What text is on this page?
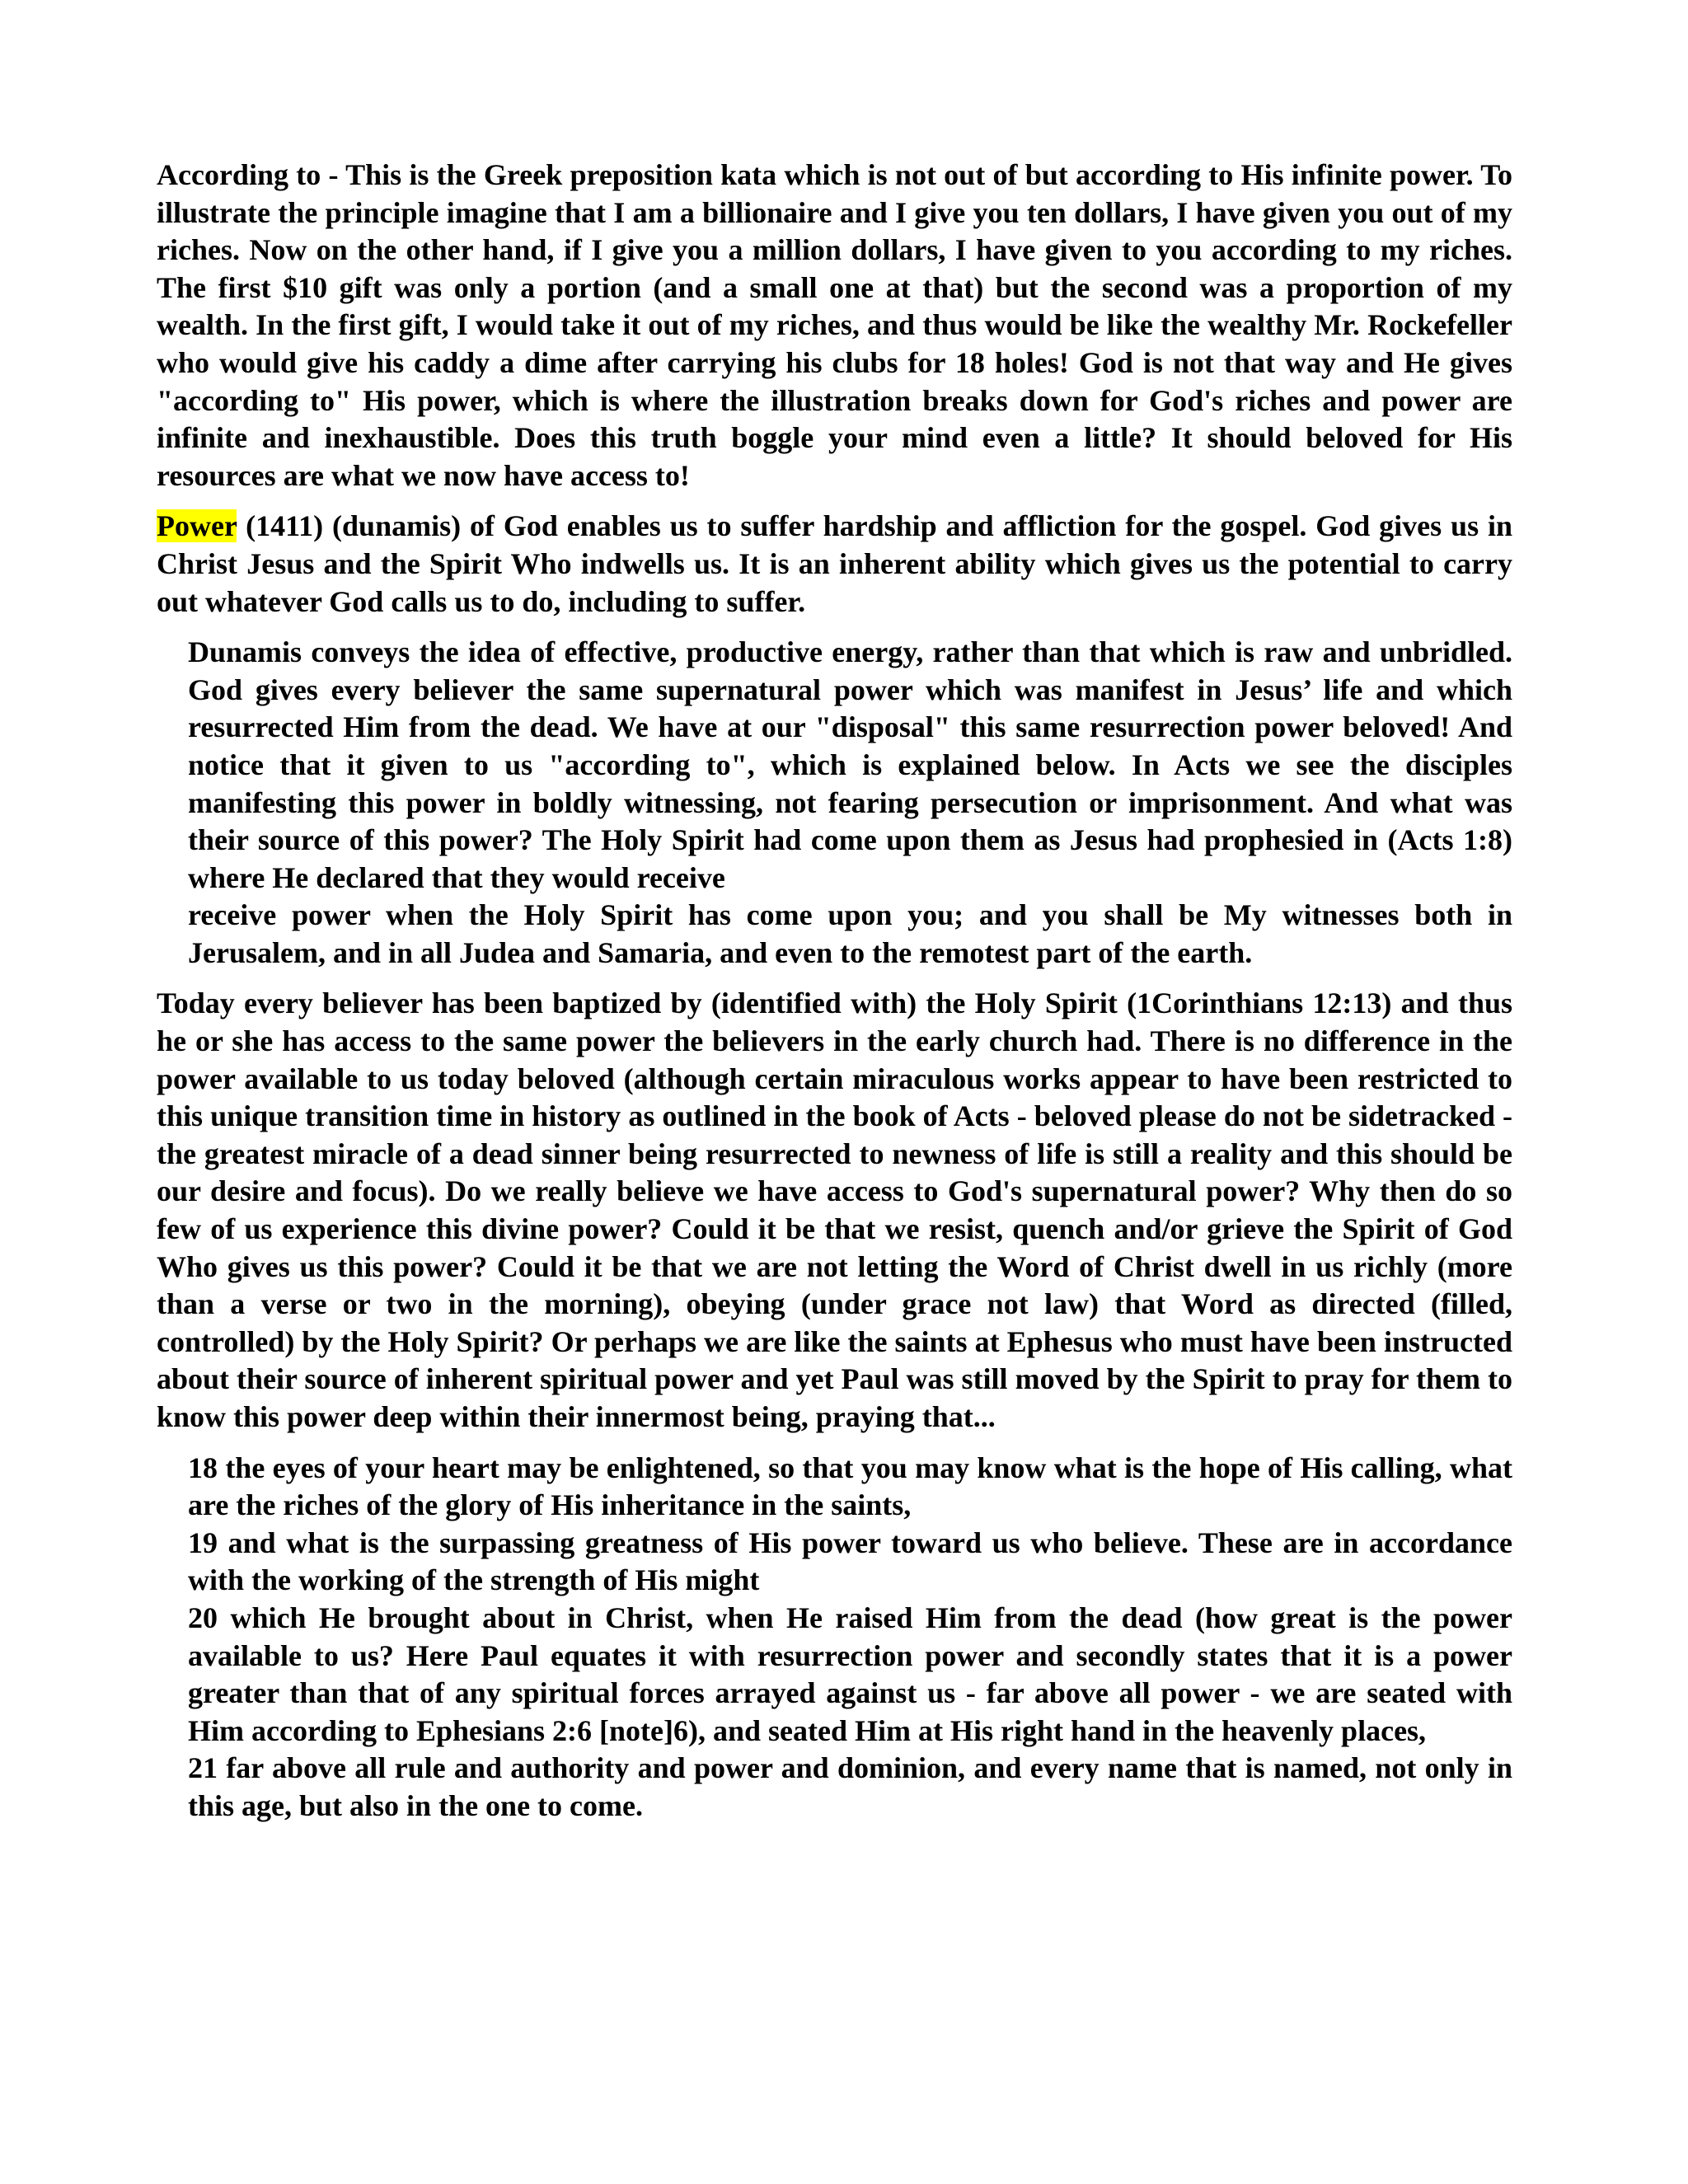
According to - This is the Greek preposition kata which is not out of but according to His infinite power. To illustrate the principle imagine that I am a billionaire and I give you ten dollars, I have given you out of my riches. Now on the other hand, if I give you a million dollars, I have given to you according to my riches. The first $10 gift was only a portion (and a small one at that) but the second was a proportion of my wealth. In the first gift, I would take it out of my riches, and thus would be like the wealthy Mr. Rockefeller who would give his caddy a dime after carrying his clubs for 18 holes! God is not that way and He gives "according to" His power, which is where the illustration breaks down for God's riches and power are infinite and inexhaustible. Does this truth boggle your mind even a little? It should beloved for His resources are what we now have access to!

Power (1411) (dunamis) of God enables us to suffer hardship and affliction for the gospel. God gives us in Christ Jesus and the Spirit Who indwells us. It is an inherent ability which gives us the potential to carry out whatever God calls us to do, including to suffer.

Dunamis conveys the idea of effective, productive energy, rather than that which is raw and unbridled. God gives every believer the same supernatural power which was manifest in Jesus’ life and which resurrected Him from the dead. We have at our "disposal" this same resurrection power beloved! And notice that it given to us "according to", which is explained below. In Acts we see the disciples manifesting this power in boldly witnessing, not fearing persecution or imprisonment. And what was their source of this power? The Holy Spirit had come upon them as Jesus had prophesied in (Acts 1:8) where He declared that they would receive
receive power when the Holy Spirit has come upon you; and you shall be My witnesses both in Jerusalem, and in all Judea and Samaria, and even to the remotest part of the earth.

Today every believer has been baptized by (identified with) the Holy Spirit (1Corinthians 12:13) and thus he or she has access to the same power the believers in the early church had. There is no difference in the power available to us today beloved (although certain miraculous works appear to have been restricted to this unique transition time in history as outlined in the book of Acts - beloved please do not be sidetracked - the greatest miracle of a dead sinner being resurrected to newness of life is still a reality and this should be our desire and focus). Do we really believe we have access to God's supernatural power? Why then do so few of us experience this divine power? Could it be that we resist, quench and/or grieve the Spirit of God Who gives us this power? Could it be that we are not letting the Word of Christ dwell in us richly (more than a verse or two in the morning), obeying (under grace not law) that Word as directed (filled, controlled) by the Holy Spirit? Or perhaps we are like the saints at Ephesus who must have been instructed about their source of inherent spiritual power and yet Paul was still moved by the Spirit to pray for them to know this power deep within their innermost being, praying that...

18 the eyes of your heart may be enlightened, so that you may know what is the hope of His calling, what are the riches of the glory of His inheritance in the saints,
19 and what is the surpassing greatness of His power toward us who believe. These are in accordance with the working of the strength of His might
20 which He brought about in Christ, when He raised Him from the dead (how great is the power available to us? Here Paul equates it with resurrection power and secondly states that it is a power greater than that of any spiritual forces arrayed against us - far above all power - we are seated with Him according to Ephesians 2:6 [note]6), and seated Him at His right hand in the heavenly places,
21 far above all rule and authority and power and dominion, and every name that is named, not only in this age, but also in the one to come.
